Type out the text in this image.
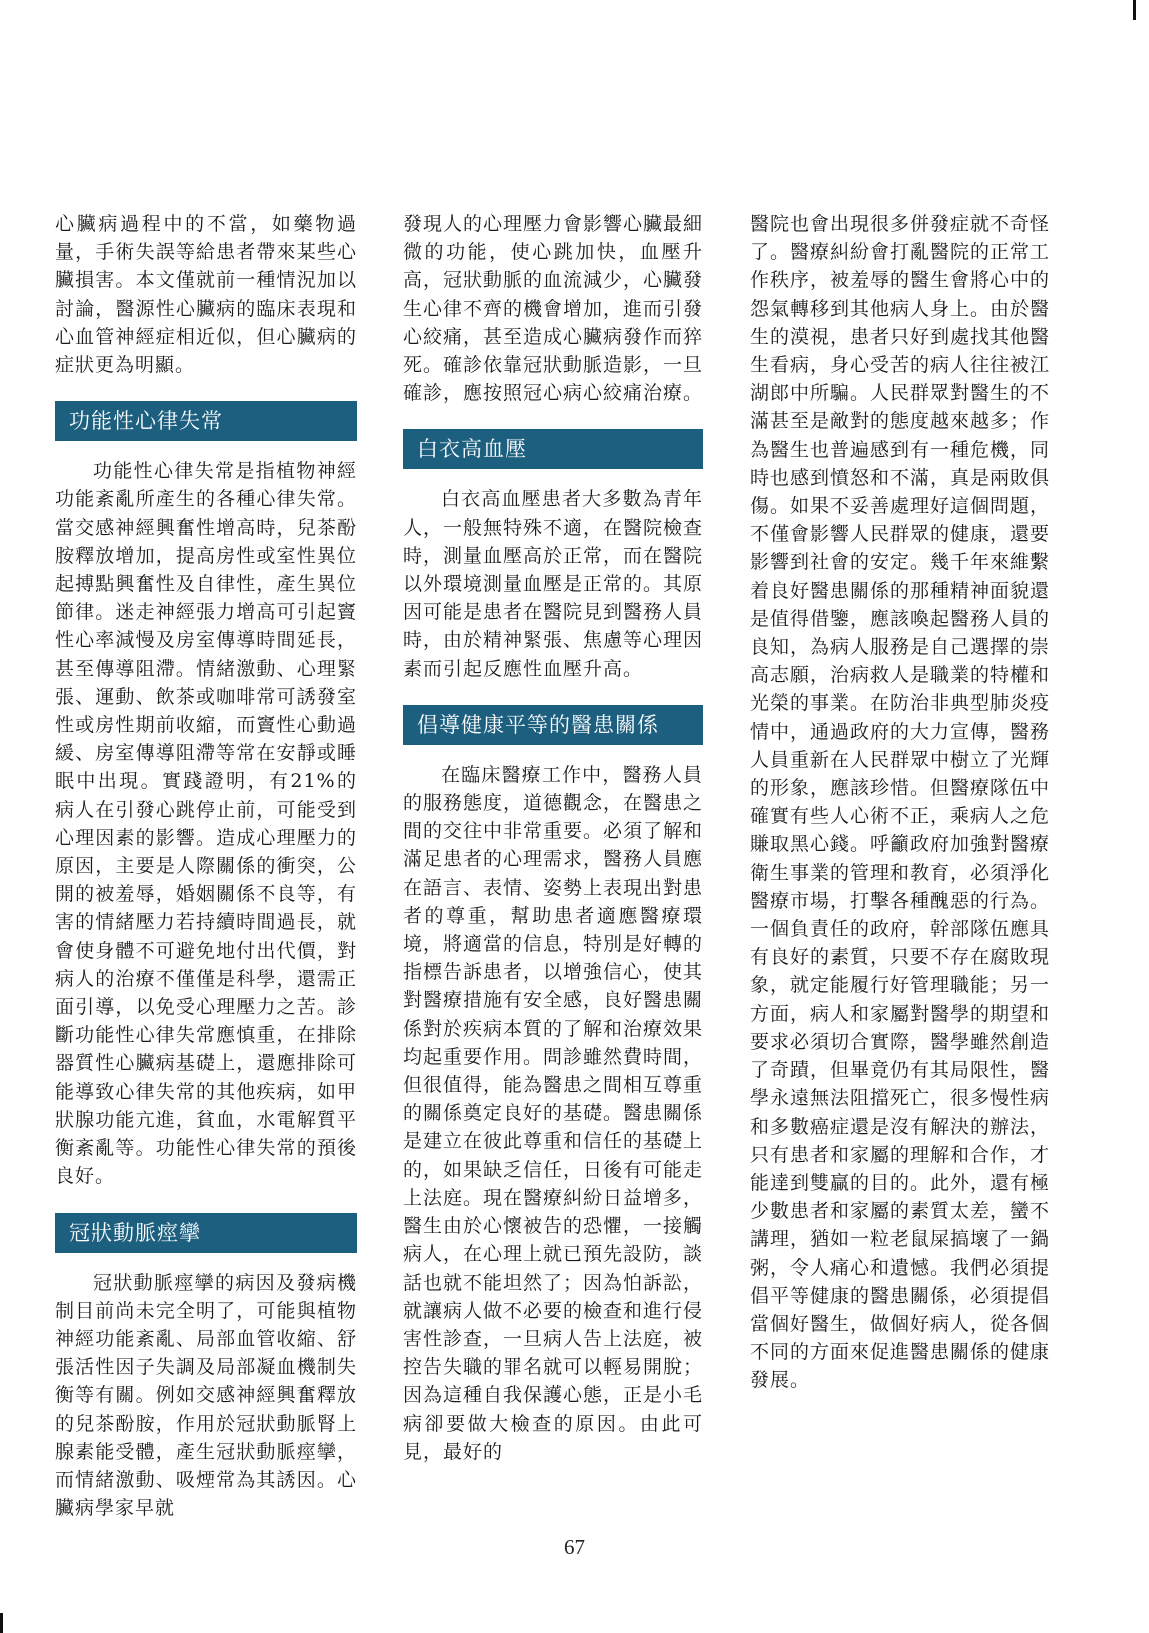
心臟病過程中的不當，如藥物過量，手術失誤等給患者帶來某些心臟損害。本文僅就前一種情況加以討論，醫源性心臟病的臨床表現和心血管神經症相近似，但心臟病的症狀更為明顯。

功能性心律失常

功能性心律失常是指植物神經功能紊亂所產生的各種心律失常。當交感神經興奮性增高時，兒茶酚胺釋放增加，提高房性或室性異位起搏點興奮性及自律性，產生異位節律。迷走神經張力增高可引起竇性心率減慢及房室傳導時間延長，甚至傳導阻滯。情緒激動、心理緊張、運動、飲茶或咖啡常可誘發室性或房性期前收縮，而竇性心動過緩、房室傳導阻滯等常在安靜或睡眠中出現。實踐證明，有21%的病人在引發心跳停止前，可能受到心理因素的影響。造成心理壓力的原因，主要是人際關係的衝突，公開的被羞辱，婚姻關係不良等，有害的情緒壓力若持續時間過長，就會使身體不可避免地付出代價，對病人的治療不僅僅是科學，還需正面引導，以免受心理壓力之苦。診斷功能性心律失常應慎重，在排除器質性心臟病基礎上，還應排除可能導致心律失常的其他疾病，如甲狀腺功能亢進，貧血，水電解質平衡紊亂等。功能性心律失常的預後良好。

冠狀動脈痙攣

冠狀動脈痙攣的病因及發病機制目前尚未完全明了，可能與植物神經功能紊亂、局部血管收縮、舒張活性因子失調及局部凝血機制失衡等有關。例如交感神經興奮釋放的兒茶酚胺，作用於冠狀動脈腎上腺素能受體，產生冠狀動脈痙攣，而情緒激動、吸煙常為其誘因。心臟病學家早就

發現人的心理壓力會影響心臟最細微的功能，使心跳加快，血壓升高，冠狀動脈的血流減少，心臟發生心律不齊的機會增加，進而引發心絞痛，甚至造成心臟病發作而猝死。確診依靠冠狀動脈造影，一旦確診，應按照冠心病心絞痛治療。

白衣高血壓

白衣高血壓患者大多數為青年人，一般無特殊不適，在醫院檢查時，測量血壓高於正常，而在醫院以外環境測量血壓是正常的。其原因可能是患者在醫院見到醫務人員時，由於精神緊張、焦慮等心理因素而引起反應性血壓升高。

倡導健康平等的醫患關係

在臨床醫療工作中，醫務人員的服務態度，道德觀念，在醫患之間的交往中非常重要。必須了解和滿足患者的心理需求，醫務人員應在語言、表情、姿勢上表現出對患者的尊重，幫助患者適應醫療環境，將適當的信息，特別是好轉的指標告訴患者，以增強信心，使其對醫療措施有安全感，良好醫患關係對於疾病本質的了解和治療效果均起重要作用。問診雖然費時間，但很值得，能為醫患之間相互尊重的關係奠定良好的基礎。醫患關係是建立在彼此尊重和信任的基礎上的，如果缺乏信任，日後有可能走上法庭。現在醫療糾紛日益增多，醫生由於心懷被告的恐懼，一接觸病人，在心理上就已預先設防，談話也就不能坦然了；因為怕訴訟，就讓病人做不必要的檢查和進行侵害性診查，一旦病人告上法庭，被控告失職的罪名就可以輕易開脫；因為這種自我保護心態，正是小毛病卻要做大檢查的原因。由此可見，最好的

醫院也會出現很多併發症就不奇怪了。醫療糾紛會打亂醫院的正常工作秩序，被羞辱的醫生會將心中的怨氣轉移到其他病人身上。由於醫生的漠視，患者只好到處找其他醫生看病，身心受苦的病人往往被江湖郎中所騙。人民群眾對醫生的不滿甚至是敵對的態度越來越多；作為醫生也普遍感到有一種危機，同時也感到憤怒和不滿，真是兩敗俱傷。如果不妥善處理好這個問題，不僅會影響人民群眾的健康，還要影響到社會的安定。幾千年來維繫着良好醫患關係的那種精神面貌還是值得借鑒，應該喚起醫務人員的良知，為病人服務是自己選擇的崇高志願，治病救人是職業的特權和光榮的事業。在防治非典型肺炎疫情中，通過政府的大力宣傳，醫務人員重新在人民群眾中樹立了光輝的形象，應該珍惜。但醫療隊伍中確實有些人心術不正，乘病人之危賺取黑心錢。呼籲政府加強對醫療衛生事業的管理和教育，必須淨化醫療市場，打擊各種醜惡的行為。一個負責任的政府，幹部隊伍應具有良好的素質，只要不存在腐敗現象，就定能履行好管理職能；另一方面，病人和家屬對醫學的期望和要求必須切合實際，醫學雖然創造了奇蹟，但畢竟仍有其局限性，醫學永遠無法阻擋死亡，很多慢性病和多數癌症還是沒有解決的辦法，只有患者和家屬的理解和合作，才能達到雙贏的目的。此外，還有極少數患者和家屬的素質太差，蠻不講理，猶如一粒老鼠屎搞壞了一鍋粥，令人痛心和遺憾。我們必須提倡平等健康的醫患關係，必須提倡當個好醫生，做個好病人，從各個不同的方面來促進醫患關係的健康發展。

67
